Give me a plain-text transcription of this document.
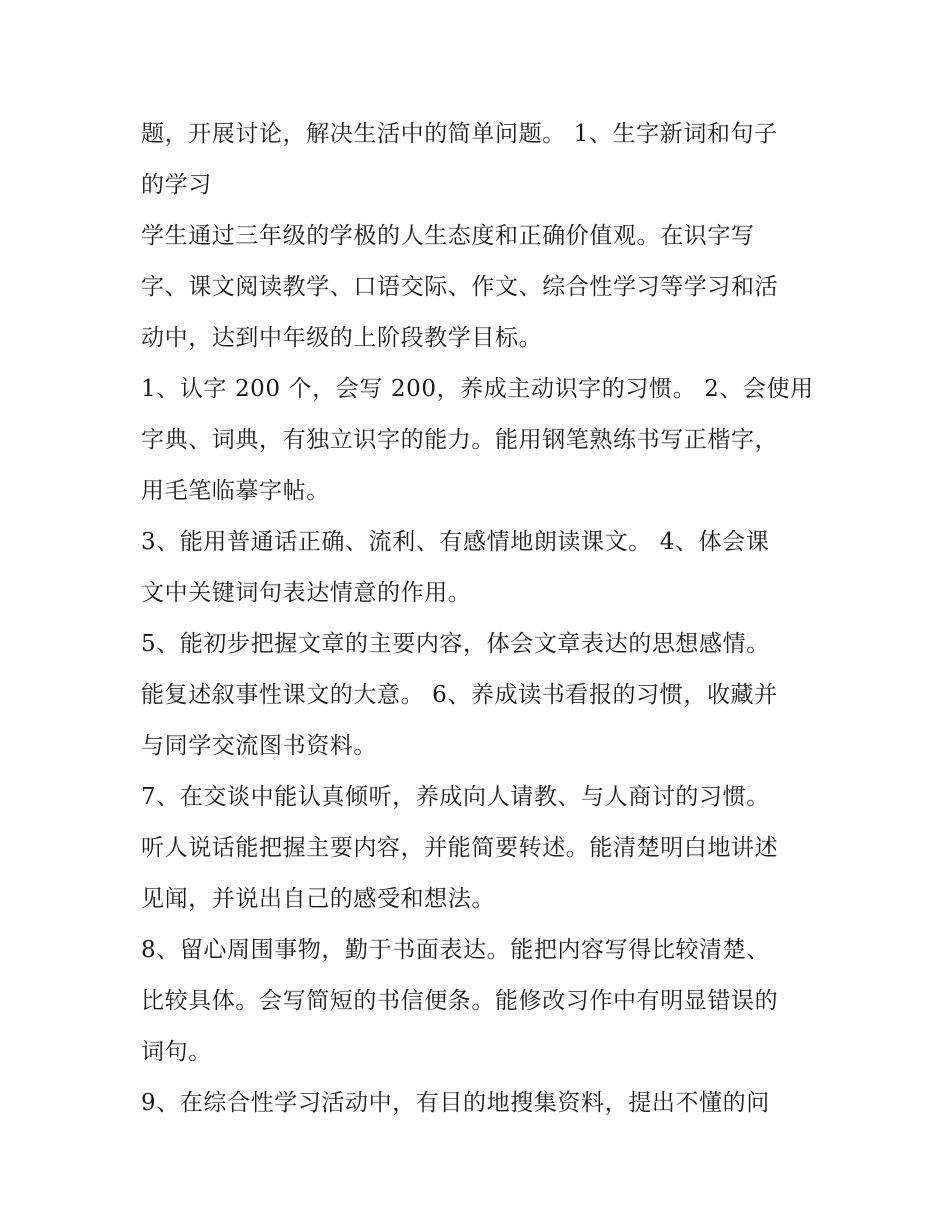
题，开展讨论，解决生活中的简单问题。 1、生字新词和句子
的学习
学生通过三年级的学极的人生态度和正确价值观。在识字写
字、课文阅读教学、口语交际、作文、综合性学习等学习和活
动中，达到中年级的上阶段教学目标。
1、认字 200 个，会写 200，养成主动识字的习惯。 2、会使用
字典、词典，有独立识字的能力。能用钢笔熟练书写正楷字，
用毛笔临摹字帖。
3、能用普通话正确、流利、有感情地朗读课文。 4、体会课
文中关键词句表达情意的作用。
5、能初步把握文章的主要内容，体会文章表达的思想感情。
能复述叙事性课文的大意。 6、养成读书看报的习惯，收藏并
与同学交流图书资料。
7、在交谈中能认真倾听，养成向人请教、与人商讨的习惯。
听人说话能把握主要内容，并能简要转述。能清楚明白地讲述
见闻，并说出自己的感受和想法。
8、留心周围事物，勤于书面表达。能把内容写得比较清楚、
比较具体。会写简短的书信便条。能修改习作中有明显错误的
词句。
9、在综合性学习活动中，有目的地搜集资料，提出不懂的问
